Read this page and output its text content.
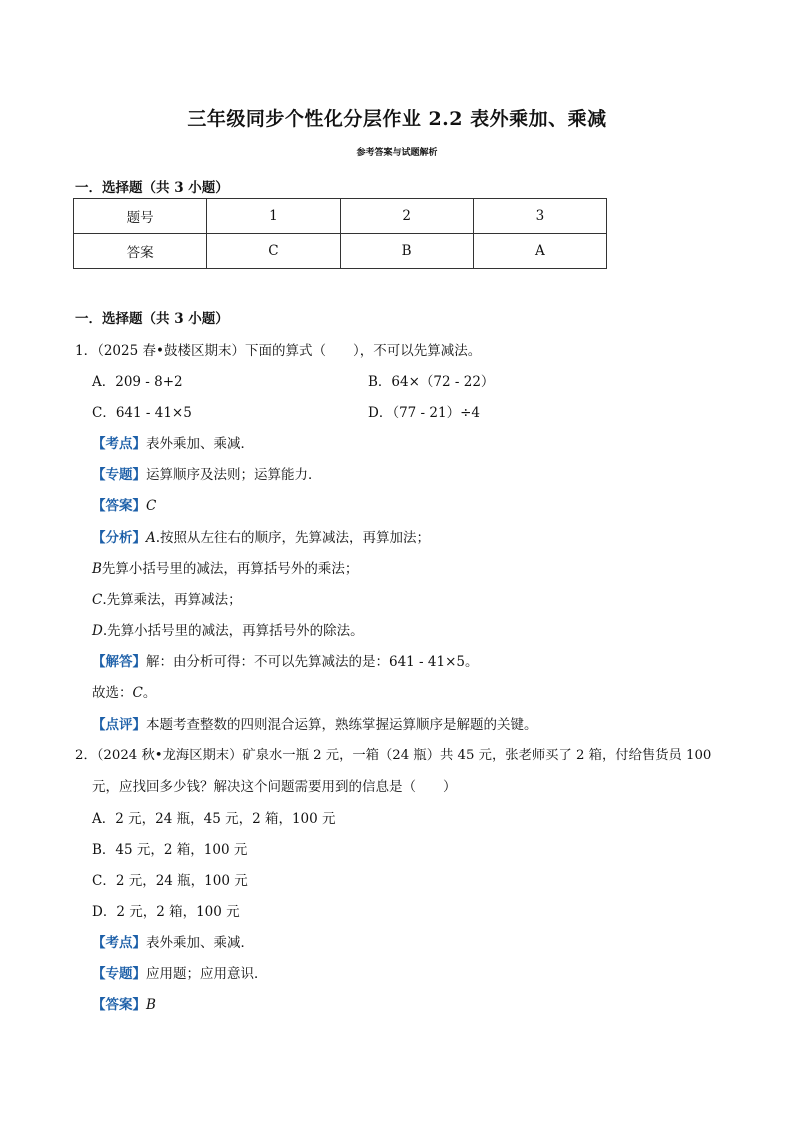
三年级同步个性化分层作业 2.2 表外乘加、乘减
参考答案与试题解析
一．选择题（共 3 小题）
题号	1	2	3
答案	C	B	A
一．选择题（共 3 小题）
1．（2025 春•鼓楼区期末）下面的算式（　　），不可以先算减法。
A．209 - 8+2	B．64×（72 - 22）
C．641 - 41×5	D．（77 - 21）÷4
【考点】表外乘加、乘减．
【专题】运算顺序及法则；运算能力．
【答案】C
【分析】A.按照从左往右的顺序，先算减法，再算加法；
B先算小括号里的减法，再算括号外的乘法；
C.先算乘法，再算减法；
D.先算小括号里的减法，再算括号外的除法。
【解答】解：由分析可得：不可以先算减法的是：641 - 41×5。
故选：C。
【点评】本题考查整数的四则混合运算，熟练掌握运算顺序是解题的关键。
2．（2024 秋•龙海区期末）矿泉水一瓶 2 元，一箱（24 瓶）共 45 元，张老师买了 2 箱，付给售货员 100
元，应找回多少钱？解决这个问题需要用到的信息是（　　）
A．2 元，24 瓶，45 元，2 箱，100 元
B．45 元，2 箱，100 元
C．2 元，24 瓶，100 元
D．2 元，2 箱，100 元
【考点】表外乘加、乘减．
【专题】应用题；应用意识．
【答案】B
